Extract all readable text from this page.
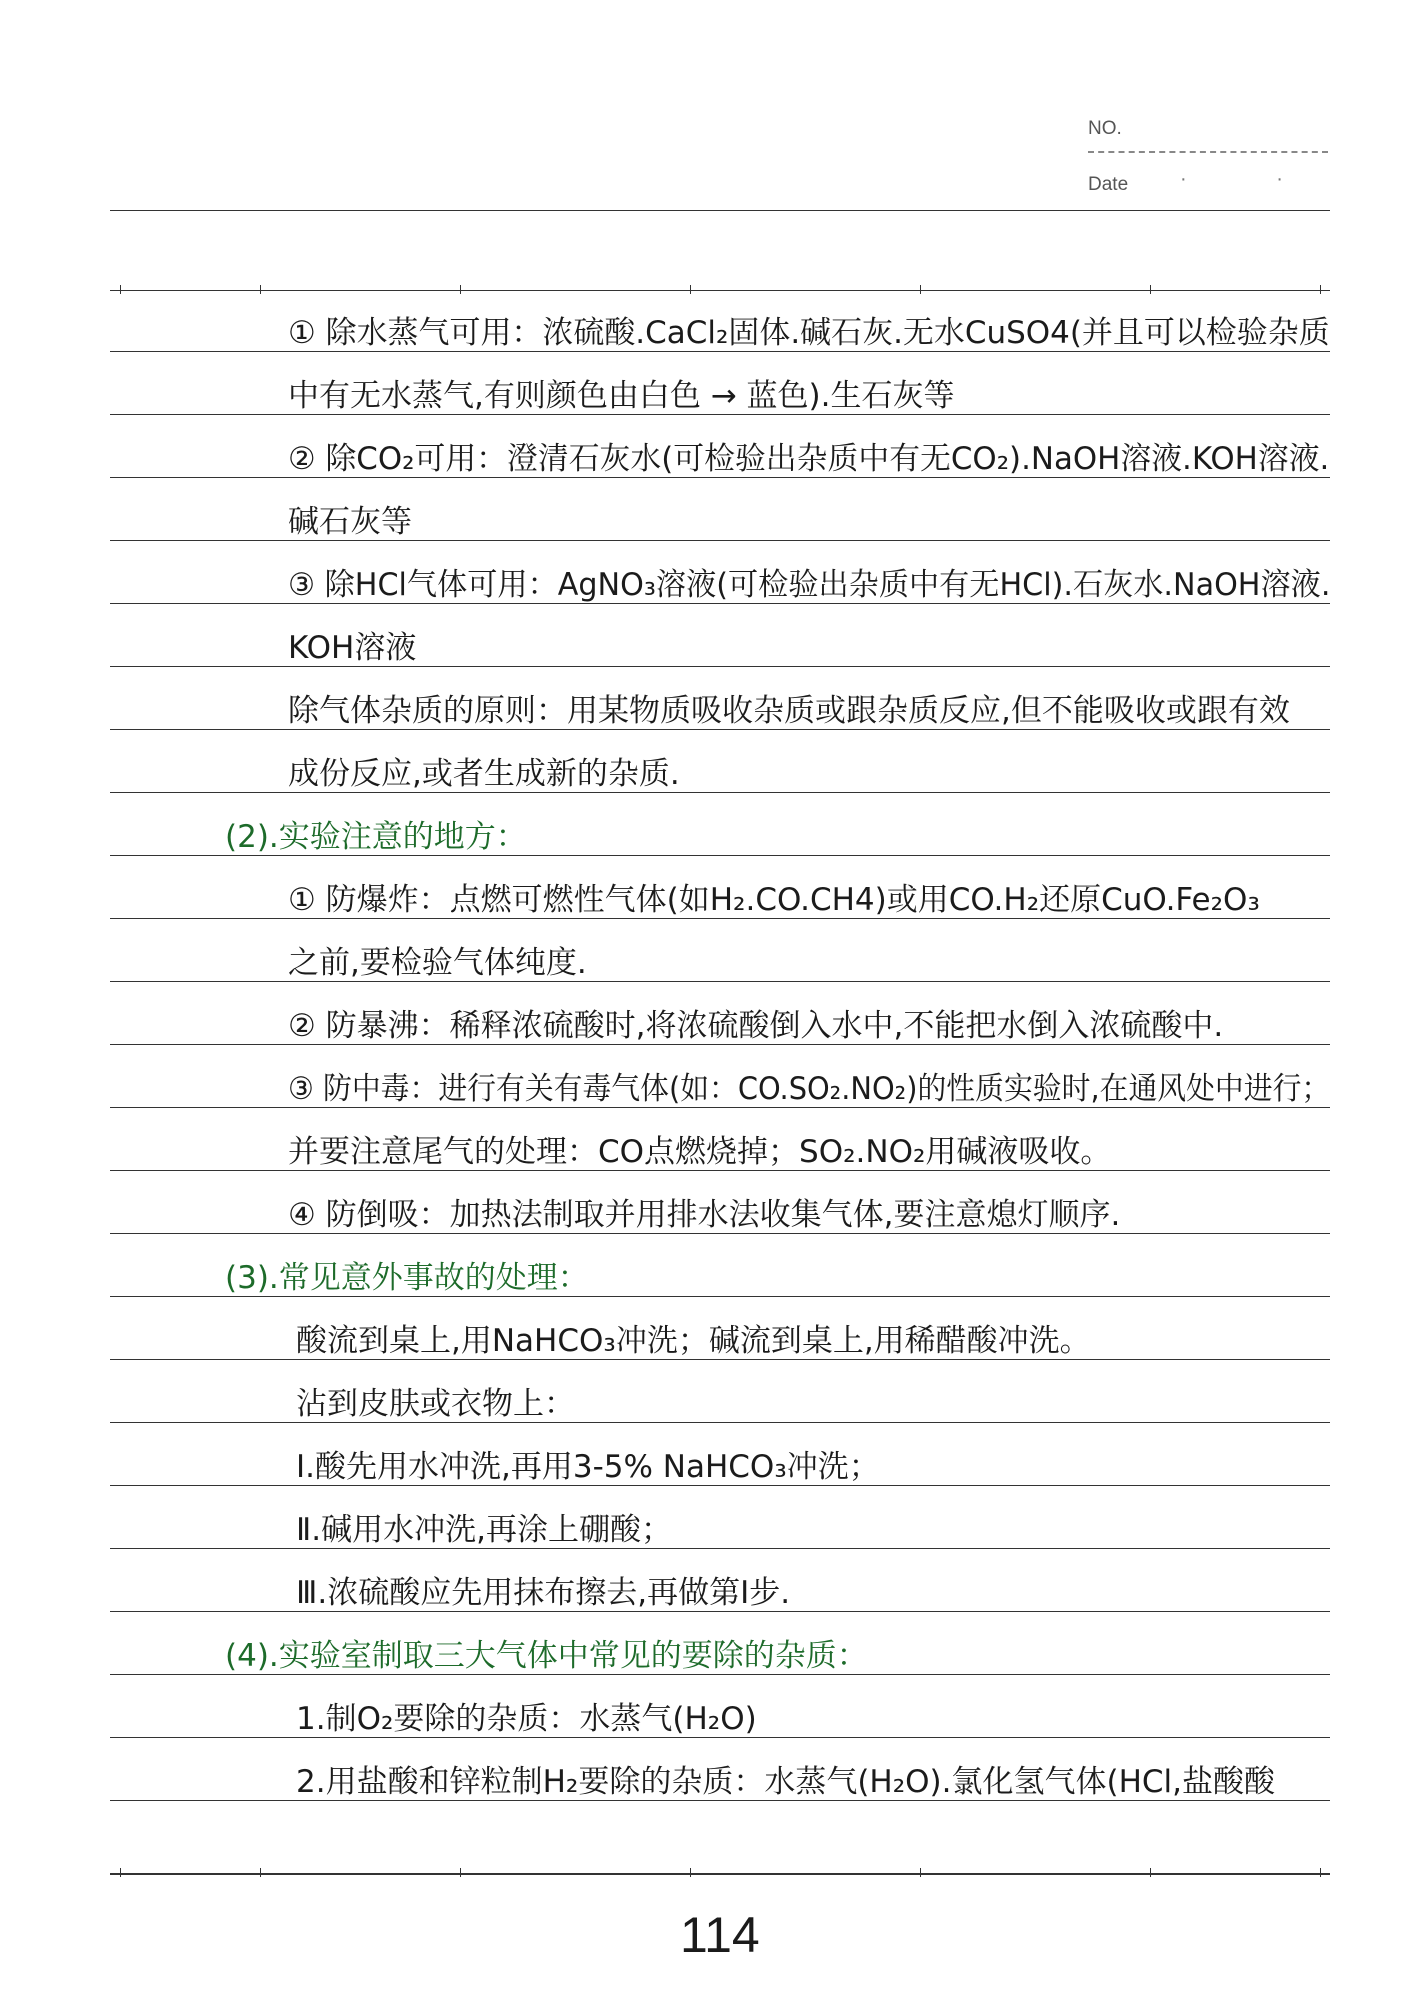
NO.
Date	· ·
① 除水蒸气可用：浓硫酸.CaCl₂固体.碱石灰.无水CuSO4(并且可以检验杂质
中有无水蒸气,有则颜色由白色 → 蓝色).生石灰等
② 除CO₂可用：澄清石灰水(可检验出杂质中有无CO₂).NaOH溶液.KOH溶液.
碱石灰等
③ 除HCl气体可用：AgNO₃溶液(可检验出杂质中有无HCl).石灰水.NaOH溶液.
KOH溶液
除气体杂质的原则：用某物质吸收杂质或跟杂质反应,但不能吸收或跟有效
成份反应,或者生成新的杂质.
(2).实验注意的地方：
① 防爆炸：点燃可燃性气体(如H₂.CO.CH4)或用CO.H₂还原CuO.Fe₂O₃
之前,要检验气体纯度.
② 防暴沸：稀释浓硫酸时,将浓硫酸倒入水中,不能把水倒入浓硫酸中.
③ 防中毒：进行有关有毒气体(如：CO.SO₂.NO₂)的性质实验时,在通风处中进行；
并要注意尾气的处理：CO点燃烧掉；SO₂.NO₂用碱液吸收。
④ 防倒吸：加热法制取并用排水法收集气体,要注意熄灯顺序.
(3).常见意外事故的处理：
酸流到桌上,用NaHCO₃冲洗；碱流到桌上,用稀醋酸冲洗。
沾到皮肤或衣物上：
Ⅰ.酸先用水冲洗,再用3-5% NaHCO₃冲洗；
Ⅱ.碱用水冲洗,再涂上硼酸；
Ⅲ.浓硫酸应先用抹布擦去,再做第Ⅰ步.
(4).实验室制取三大气体中常见的要除的杂质：
1.制O₂要除的杂质：水蒸气(H₂O)
2.用盐酸和锌粒制H₂要除的杂质：水蒸气(H₂O).氯化氢气体(HCl,盐酸酸
114
